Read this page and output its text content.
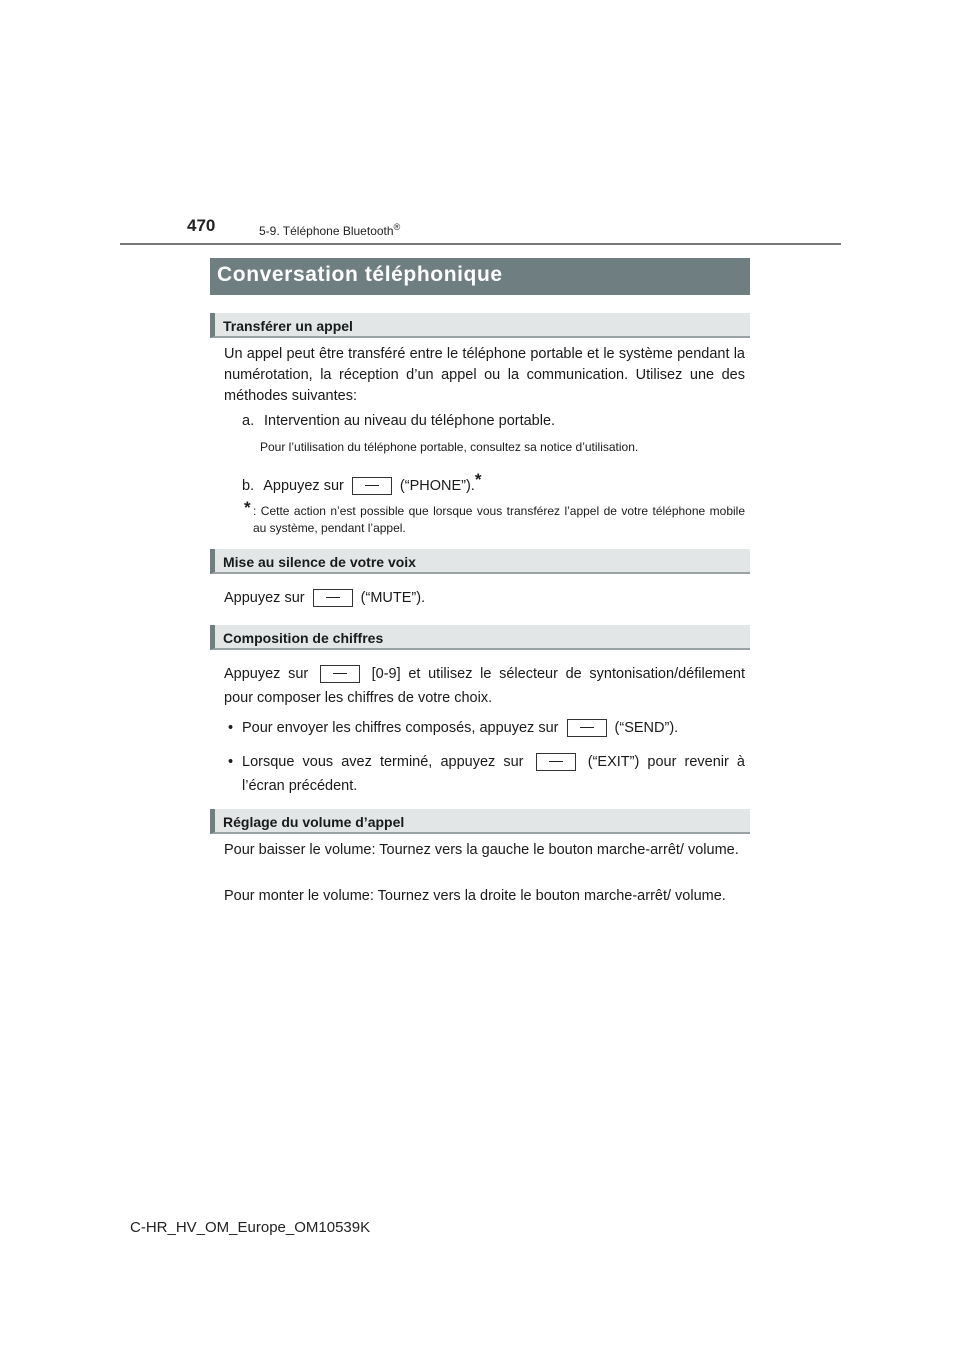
470	5-9. Téléphone Bluetooth®
Conversation téléphonique
Transférer un appel
Un appel peut être transféré entre le téléphone portable et le système pendant la numérotation, la réception d’un appel ou la communication. Utilisez une des méthodes suivantes:
a. Intervention au niveau du téléphone portable.
Pour l’utilisation du téléphone portable, consultez sa notice d’utilisation.
b. Appuyez sur	(“PHONE”).*
* : Cette action n’est possible que lorsque vous transférez l’appel de votre téléphone mobile au système, pendant l’appel.
Mise au silence de votre voix
Appuyez sur	(“MUTE”).
Composition de chiffres
Appuyez sur	[0-9] et utilisez le sélecteur de syntonisation/défilement pour composer les chiffres de votre choix.
• Pour envoyer les chiffres composés, appuyez sur	(“SEND”).
• Lorsque vous avez terminé, appuyez sur	(“EXIT”) pour revenir à l’écran précédent.
Réglage du volume d’appel
Pour baisser le volume: Tournez vers la gauche le bouton marche-arrêt/ volume.
Pour monter le volume: Tournez vers la droite le bouton marche-arrêt/ volume.
C-HR_HV_OM_Europe_OM10539K
